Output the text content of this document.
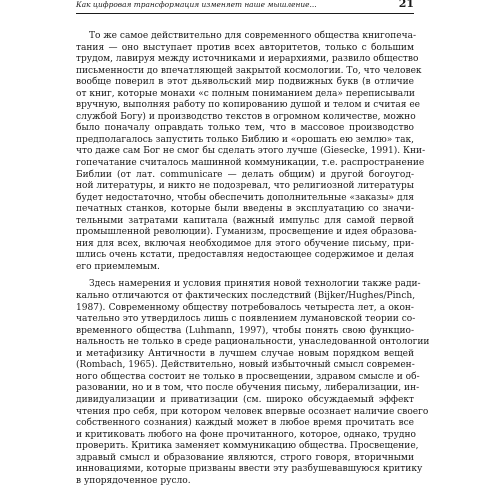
Как цифровая трансформация изменяет наше мышление...	21
То же самое действительно для современного общества книгопеча-
тания — оно выступает против всех авторитетов, только с большим
трудом, лавируя между источниками и иерархиями, развило общество
письменности до впечатляющей закрытой космологии. То, что человек
вообще поверил в этот дьявольский мир подвижных букв (в отличие
от книг, которые монахи «с полным пониманием дела» переписывали
вручную, выполняя работу по копированию душой и телом и считая ее
службой Богу) и производство текстов в огромном количестве, можно
было поначалу оправдать только тем, что в массовое производство
предполагалось запустить только Библию и «орошать ею землю» так,
что даже сам Бог не смог бы сделать этого лучше (Giesecke, 1991). Кни-
гопечатание считалось машинной коммуникации, т.е. распространение
Библии (от лат. communicare — делать общим) и другой богоугод-
ной литературы, и никто не подозревал, что религиозной литературы
будет недостаточно, чтобы обеспечить дополнительные «заказы» для
печатных станков, которые были введены в эксплуатацию со значи-
тельными затратами капитала (важный импульс для самой первой
промышленной революции). Гуманизм, просвещение и идея образова-
ния для всех, включая необходимое для этого обучение письму, при-
шлись очень кстати, предоставляя недостающее содержимое и делая
его приемлемым.
Здесь намерения и условия принятия новой технологии также ради-
кально отличаются от фактических последствий (Bijker/Hughes/Pinch,
1987). Современному обществу потребовалось четыреста лет, а окон-
чательно это утвердилось лишь с появлением лумановской теории со-
временного общества (Luhmann, 1997), чтобы понять свою функцио-
нальность не только в среде рациональности, унаследованной онтологии
и метафизику Античности в лучшем случае новым порядком вещей
(Rombach, 1965). Действительно, новый избыточный смысл современ-
ного общества состоит не только в просвещении, здравом смысле и об-
разовании, но и в том, что после обучения письму, либерализации, ин-
дивидуализации и приватизации (см. широко обсуждаемый эффект
чтения про себя, при котором человек впервые осознает наличие своего
собственного сознания) каждый может в любое время прочитать все
и критиковать любого на фоне прочитанного, которое, однако, трудно
проверить. Критика заменяет коммуникацию общества. Просвещение,
здравый смысл и образование являются, строго говоря, вторичными
инновациями, которые призваны ввести эту разбушевавшуюся критику
в упорядоченное русло.
